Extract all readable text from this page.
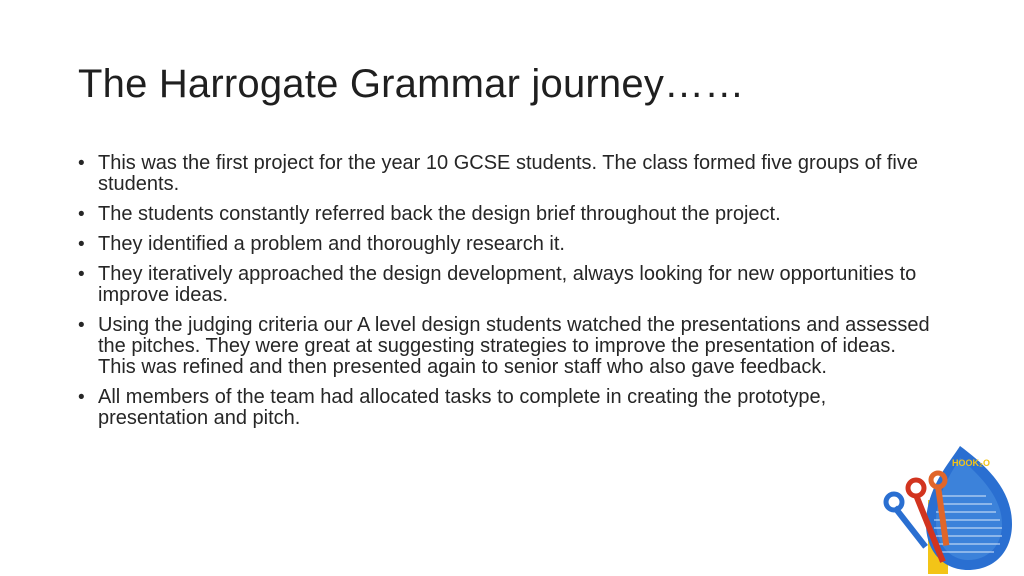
The Harrogate Grammar journey……
• This was the first project for the year 10 GCSE students. The class formed five groups of five students.
• The students constantly referred back the design brief throughout the project.
• They identified a problem and thoroughly research it.
• They iteratively approached the design development, always looking for new opportunities to improve ideas.
• Using the judging criteria our A level design students watched the presentations and assessed the pitches. They were great at suggesting strategies to improve the presentation of ideas. This was refined and then presented again to senior staff who also gave feedback.
• All members of the team had allocated tasks to complete in creating the prototype, presentation and pitch.
HOOK₂O
